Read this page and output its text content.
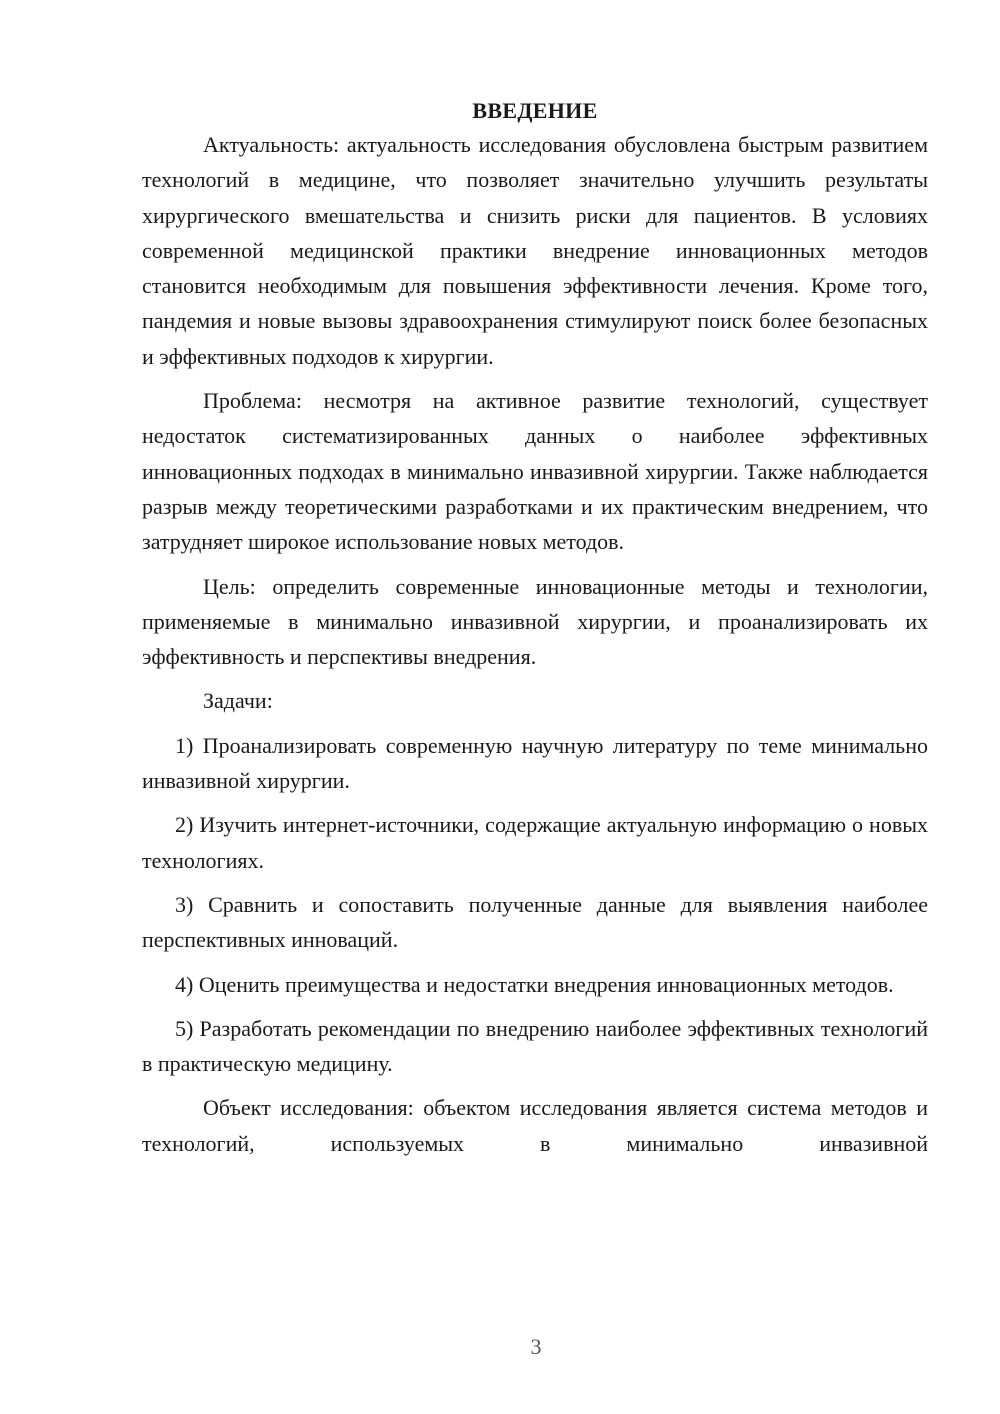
ВВЕДЕНИЕ

Актуальность: актуальность исследования обусловлена быстрым развитием технологий в медицине, что позволяет значительно улучшить результаты хирургического вмешательства и снизить риски для пациентов. В условиях современной медицинской практики внедрение инновационных методов становится необходимым для повышения эффективности лечения. Кроме того, пандемия и новые вызовы здравоохранения стимулируют поиск более безопасных и эффективных подходов к хирургии.

Проблема: несмотря на активное развитие технологий, существует недостаток систематизированных данных о наиболее эффективных инновационных подходах в минимально инвазивной хирургии. Также наблюдается разрыв между теоретическими разработками и их практическим внедрением, что затрудняет широкое использование новых методов.

Цель: определить современные инновационные методы и технологии, применяемые в минимально инвазивной хирургии, и проанализировать их эффективность и перспективы внедрения.

Задачи:

1) Проанализировать современную научную литературу по теме минимально инвазивной хирургии.

2) Изучить интернет-источники, содержащие актуальную информацию о новых технологиях.

3) Сравнить и сопоставить полученные данные для выявления наиболее перспективных инноваций.

4) Оценить преимущества и недостатки внедрения инновационных методов.

5) Разработать рекомендации по внедрению наиболее эффективных технологий в практическую медицину.

Объект исследования: объектом исследования является система методов и технологий, используемых в минимально инвазивной

3
